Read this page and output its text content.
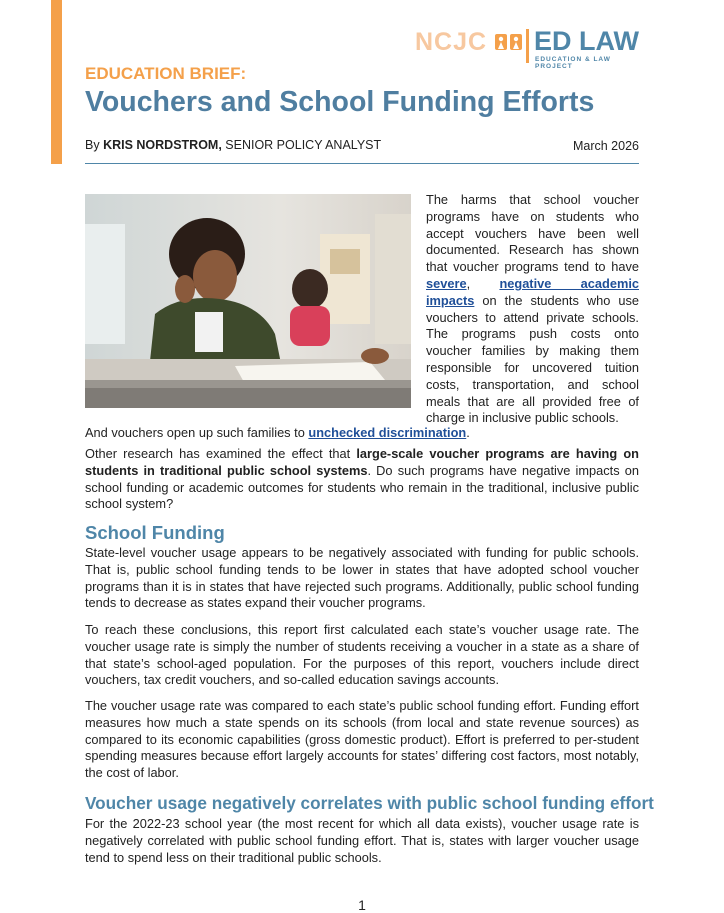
NCJC ED LAW
EDUCATION & LAW PROJECT
EDUCATION BRIEF:
Vouchers and School Funding Efforts
By KRIS NORDSTROM, SENIOR POLICY ANALYST	March 2026
The harms that school voucher programs have on students who accept vouchers have been well documented. Research has shown that voucher programs tend to have severe, negative academic impacts on the students who use vouchers to attend private schools. The programs push costs onto voucher families by making them responsible for uncovered tuition costs, transportation, and school meals that are all provided free of charge in inclusive public schools.
And vouchers open up such families to unchecked discrimination.
Other research has examined the effect that large-scale voucher programs are having on students in traditional public school systems. Do such programs have negative impacts on school funding or academic outcomes for students who remain in the traditional, inclusive public school system?
School Funding
State-level voucher usage appears to be negatively associated with funding for public schools. That is, public school funding tends to be lower in states that have adopted school voucher programs than it is in states that have rejected such programs. Additionally, public school funding tends to decrease as states expand their voucher programs.
To reach these conclusions, this report first calculated each state’s voucher usage rate. The voucher usage rate is simply the number of students receiving a voucher in a state as a share of that state’s school-aged population. For the purposes of this report, vouchers include direct vouchers, tax credit vouchers, and so-called education savings accounts.
The voucher usage rate was compared to each state’s public school funding effort. Funding effort measures how much a state spends on its schools (from local and state revenue sources) as compared to its economic capabilities (gross domestic product). Effort is preferred to per-student spending measures because effort largely accounts for states’ differing cost factors, most notably, the cost of labor.
Voucher usage negatively correlates with public school funding effort
For the 2022-23 school year (the most recent for which all data exists), voucher usage rate is negatively correlated with public school funding effort. That is, states with larger voucher usage tend to spend less on their traditional public schools.
1
